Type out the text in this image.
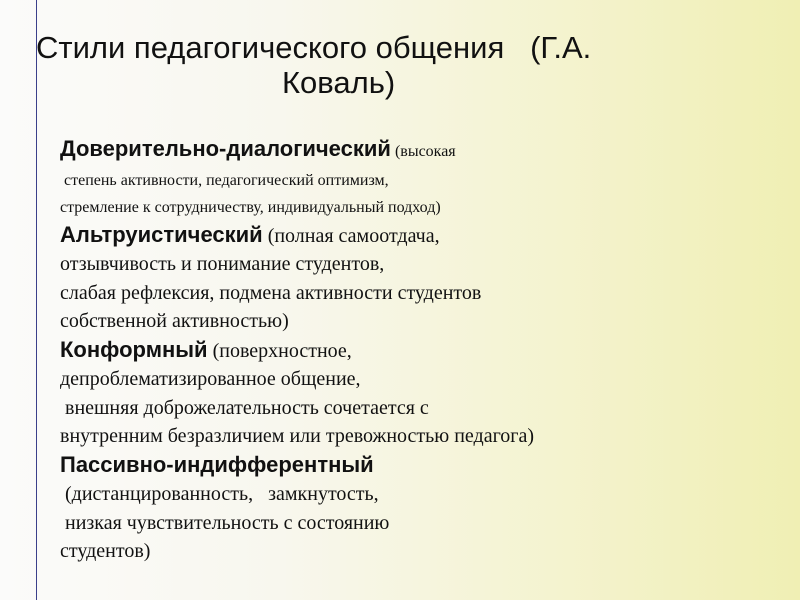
Стили педагогического общения   (Г.А.
Коваль)
Доверительно-диалогический (высокая
степень активности, педагогический оптимизм,
стремление к сотрудничеству, индивидуальный подход)
Альтруистический (полная самоотдача,
отзывчивость и понимание студентов,
слабая рефлексия, подмена активности студентов
собственной активностью)
Конформный (поверхностное,
депроблематизированное общение,
внешняя доброжелательность сочетается с
внутренним безразличием или тревожностью педагога)
Пассивно-индифферентный
(дистанцированность,   замкнутость,
низкая чувствительность с состоянию
студентов)
